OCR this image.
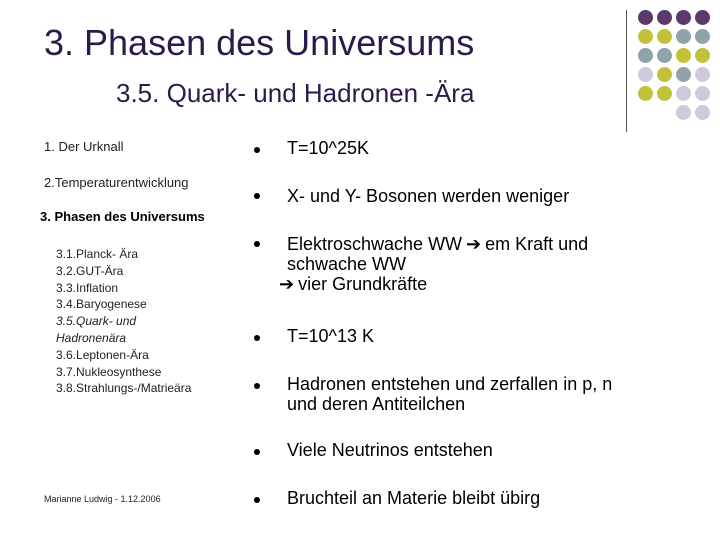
3. Phasen des Universums
3.5. Quark- und Hadronen -Ära
1. Der Urknall
2.Temperaturentwicklung
3. Phasen des Universums
3.1.Planck- Ära
3.2.GUT-Ära
3.3.Inflation
3.4.Baryogenese
3.5.Quark- und Hadronenära
3.6.Leptonen-Ära
3.7.Nukleosynthese
3.8.Strahlungs-/Matrieära
Marianne Ludwig - 1.12.2006
T=10^25K
X- und Y- Bosonen werden weniger
Elektroschwache WW ➔ em Kraft und
schwache WW
➔ vier Grundkräfte
T=10^13 K
Hadronen entstehen und zerfallen in p, n
und deren Antiteilchen
Viele Neutrinos entstehen
Bruchteil an Materie bleibt übirg
